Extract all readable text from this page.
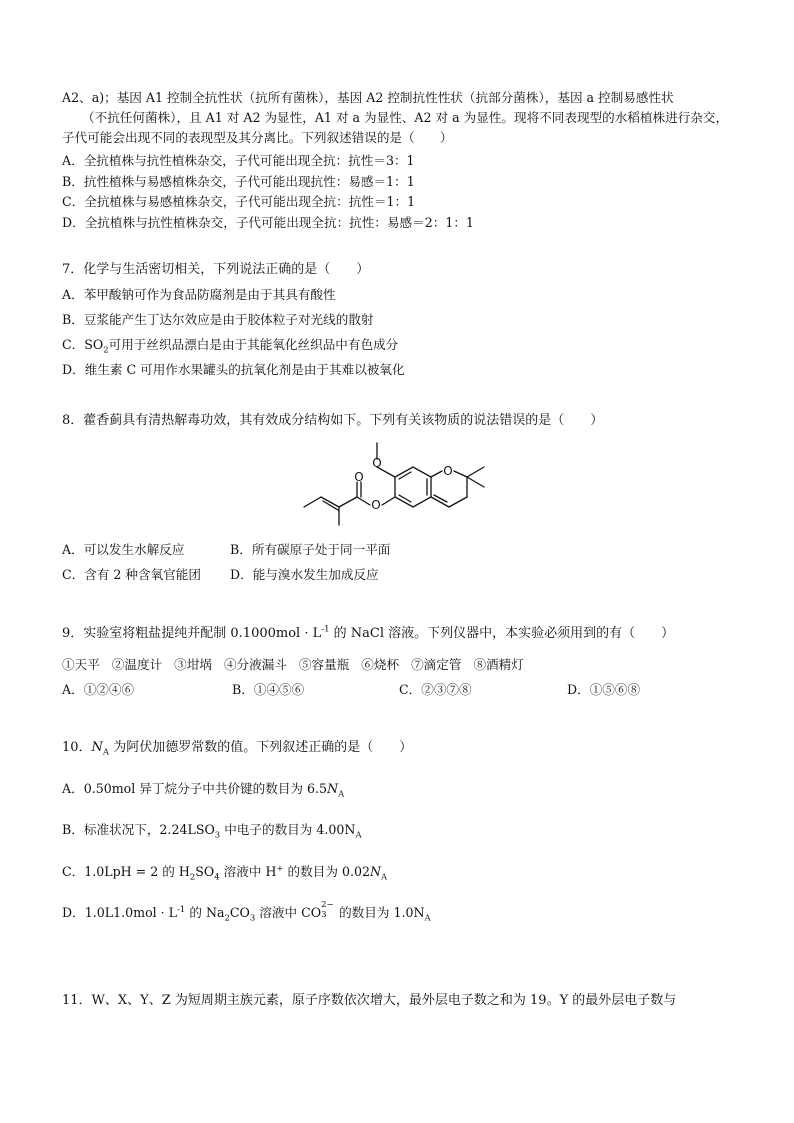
A2、a)；基因 A1 控制全抗性状（抗所有菌株），基因 A2 控制抗性性状（抗部分菌株），基因 a 控制易感性状
（不抗任何菌株），且 A1 对 A2 为显性，A1 对 a 为显性、A2 对 a 为显性。现将不同表现型的水稻植株进行杂交，
子代可能会出现不同的表现型及其分离比。下列叙述错误的是（　　）
A．全抗植株与抗性植株杂交，子代可能出现全抗：抗性＝3：1
B．抗性植株与易感植株杂交，子代可能出现抗性：易感＝1：1
C．全抗植株与易感植株杂交，子代可能出现全抗：抗性＝1：1
D．全抗植株与抗性植株杂交，子代可能出现全抗：抗性：易感＝2：1：1
7．化学与生活密切相关，下列说法正确的是（　　）
A．苯甲酸钠可作为食品防腐剂是由于其具有酸性
B．豆浆能产生丁达尔效应是由于胶体粒子对光线的散射
C．$SO_2$可用于丝织品漂白是由于其能氧化丝织品中有色成分
D．维生素 C 可用作水果罐头的抗氧化剂是由于其难以被氧化
8．藿香蓟具有清热解毒功效，其有效成分结构如下。下列有关该物质的说法错误的是（　　）
O
O
O	O
A．可以发生水解反应	B．所有碳原子处于同一平面
C．含有 2 种含氧官能团 D．能与溴水发生加成反应
9．实验室将粗盐提纯并配制 $0.1000mol \cdot L^{-1}$ 的 NaCl 溶液。下列仪器中，本实验必须用到的有（　　）
①天平 ②温度计 ③坩埚 ④分液漏斗 ⑤容量瓶 ⑥烧杯 ⑦滴定管 ⑧酒精灯
A．①②④⑥	B．①④⑤⑥	C．②③⑦⑧	D．①⑤⑥⑧
10．$N_A$ 为阿伏加德罗常数的值。下列叙述正确的是（　　）
A．0.50mol 异丁烷分子中共价键的数目为 $6.5N_A$
B．标准状况下，$2.24LSO_3$ 中电子的数目为 $4.00N_A$
C．1.0LpH = 2 的 $H_2SO_4$ 溶液中 H+ 的数目为 $0.02N_A$
D．$1.0L1.0mol \cdot L^{-1}$ 的 $Na_2CO_3$ 溶液中 CO 2−
3 的数目为 $1.0N_A$
11．W、X、Y、Z 为短周期主族元素，原子序数依次增大，最外层电子数之和为 19。Y 的最外层电子数与
